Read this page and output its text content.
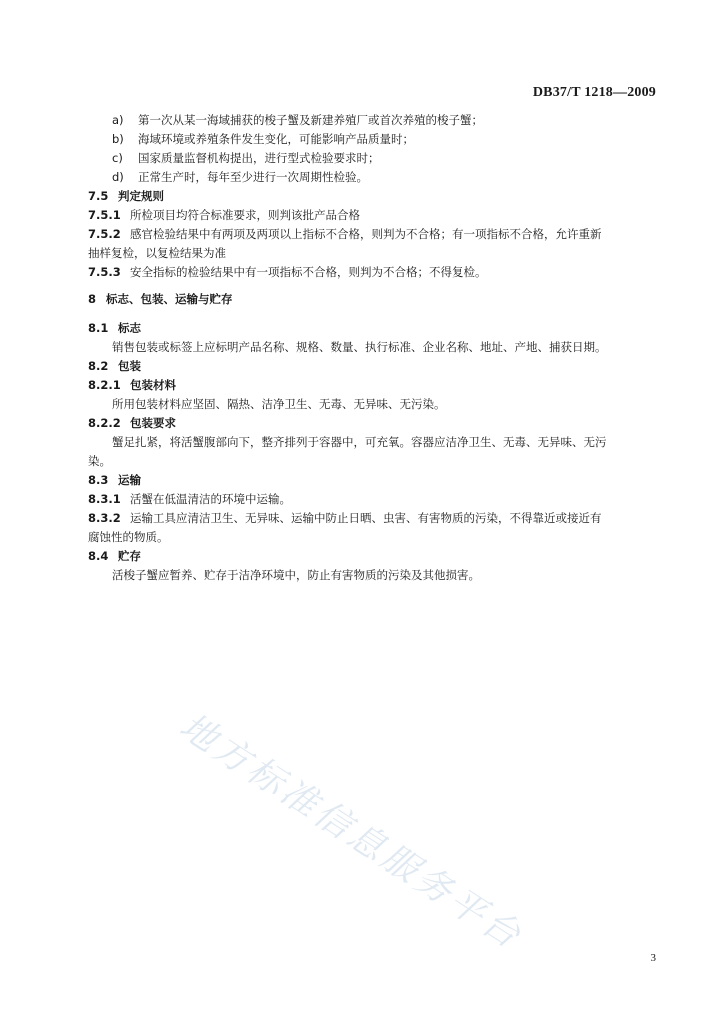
DB37/T 1218—2009
a) 第一次从某一海域捕获的梭子蟹及新建养殖厂或首次养殖的梭子蟹；
b) 海域环境或养殖条件发生变化，可能影响产品质量时；
c) 国家质量监督机构提出，进行型式检验要求时；
d) 正常生产时，每年至少进行一次周期性检验。
7.5 判定规则
7.5.1 所检项目均符合标准要求，则判该批产品合格
7.5.2 感官检验结果中有两项及两项以上指标不合格，则判为不合格；有一项指标不合格，允许重新
抽样复检，以复检结果为准
7.5.3 安全指标的检验结果中有一项指标不合格，则判为不合格；不得复检。
8 标志、包装、运输与贮存
8.1 标志
销售包装或标签上应标明产品名称、规格、数量、执行标准、企业名称、地址、产地、捕获日期。
8.2 包装
8.2.1 包装材料
所用包装材料应坚固、隔热、洁净卫生、无毒、无异味、无污染。
8.2.2 包装要求
蟹足扎紧，将活蟹腹部向下，整齐排列于容器中，可充氧。容器应洁净卫生、无毒、无异味、无污
染。
8.3 运输
8.3.1 活蟹在低温清洁的环境中运输。
8.3.2 运输工具应清洁卫生、无异味、运输中防止日晒、虫害、有害物质的污染，不得靠近或接近有
腐蚀性的物质。
8.4 贮存
活梭子蟹应暂养、贮存于洁净环境中，防止有害物质的污染及其他损害。
地方标准信息服务平台	3
